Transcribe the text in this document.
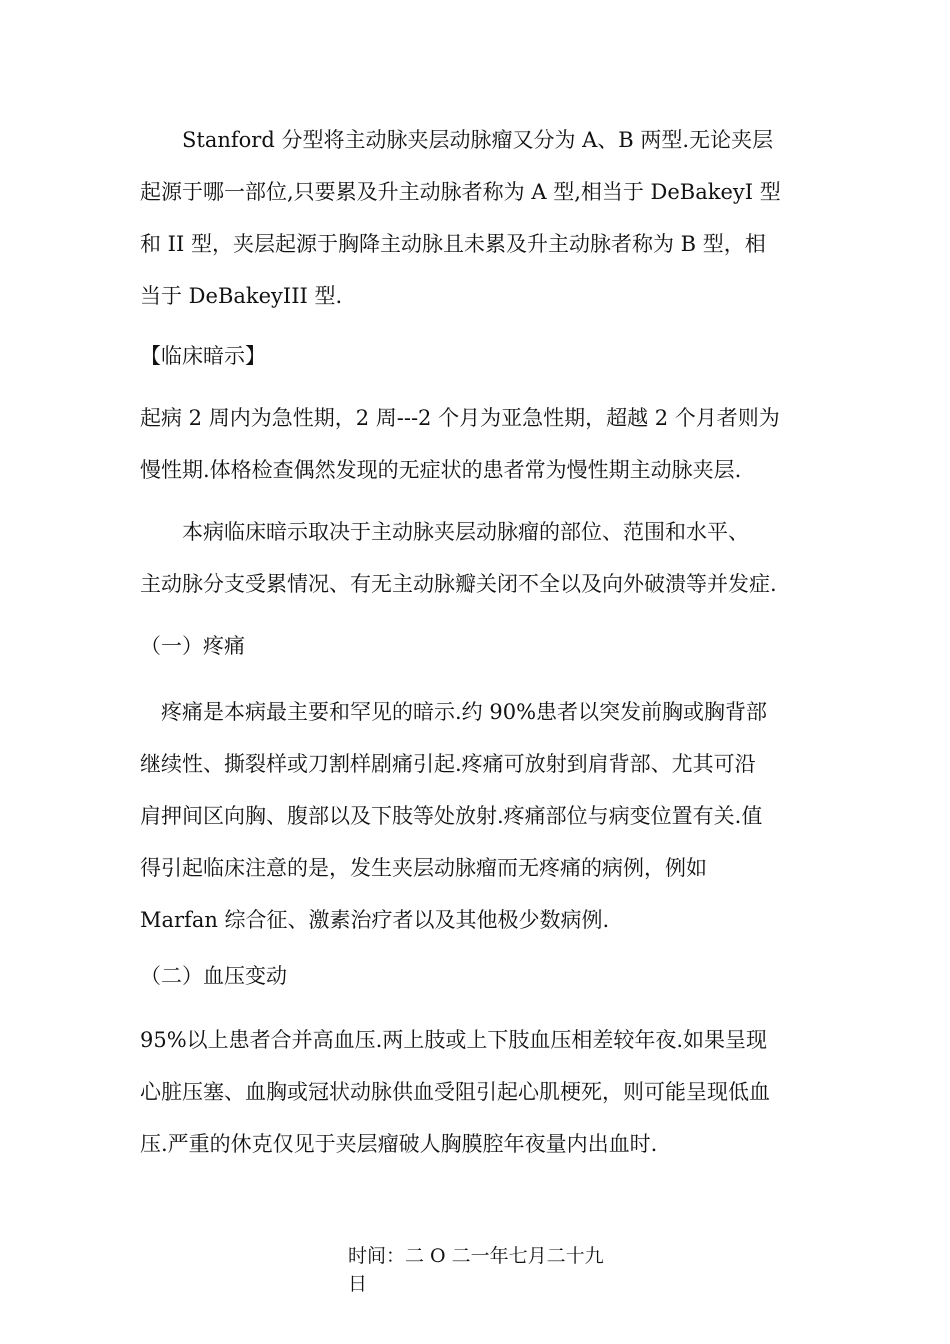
　　Stanford 分型将主动脉夹层动脉瘤又分为 A、B 两型.无论夹层
起源于哪一部位,只要累及升主动脉者称为 A 型,相当于 DeBakeyI 型
和 II 型，夹层起源于胸降主动脉且未累及升主动脉者称为 B 型，相
当于 DeBakeyIII 型.
【临床暗示】
起病 2 周内为急性期，2 周---2 个月为亚急性期，超越 2 个月者则为
慢性期.体格检查偶然发现的无症状的患者常为慢性期主动脉夹层.
　　本病临床暗示取决于主动脉夹层动脉瘤的部位、范围和水平、
主动脉分支受累情况、有无主动脉瓣关闭不全以及向外破溃等并发症.
（一）疼痛
　疼痛是本病最主要和罕见的暗示.约 90%患者以突发前胸或胸背部
继续性、撕裂样或刀割样剧痛引起.疼痛可放射到肩背部、尤其可沿
肩押间区向胸、腹部以及下肢等处放射.疼痛部位与病变位置有关.值
得引起临床注意的是，发生夹层动脉瘤而无疼痛的病例，例如
Marfan 综合征、激素治疗者以及其他极少数病例.
（二）血压变动
95%以上患者合并高血压.两上肢或上下肢血压相差较年夜.如果呈现
心脏压塞、血胸或冠状动脉供血受阻引起心肌梗死，则可能呈现低血
压.严重的休克仅见于夹层瘤破人胸膜腔年夜量内出血时.
时间：二 O 二一年七月二十九
日
